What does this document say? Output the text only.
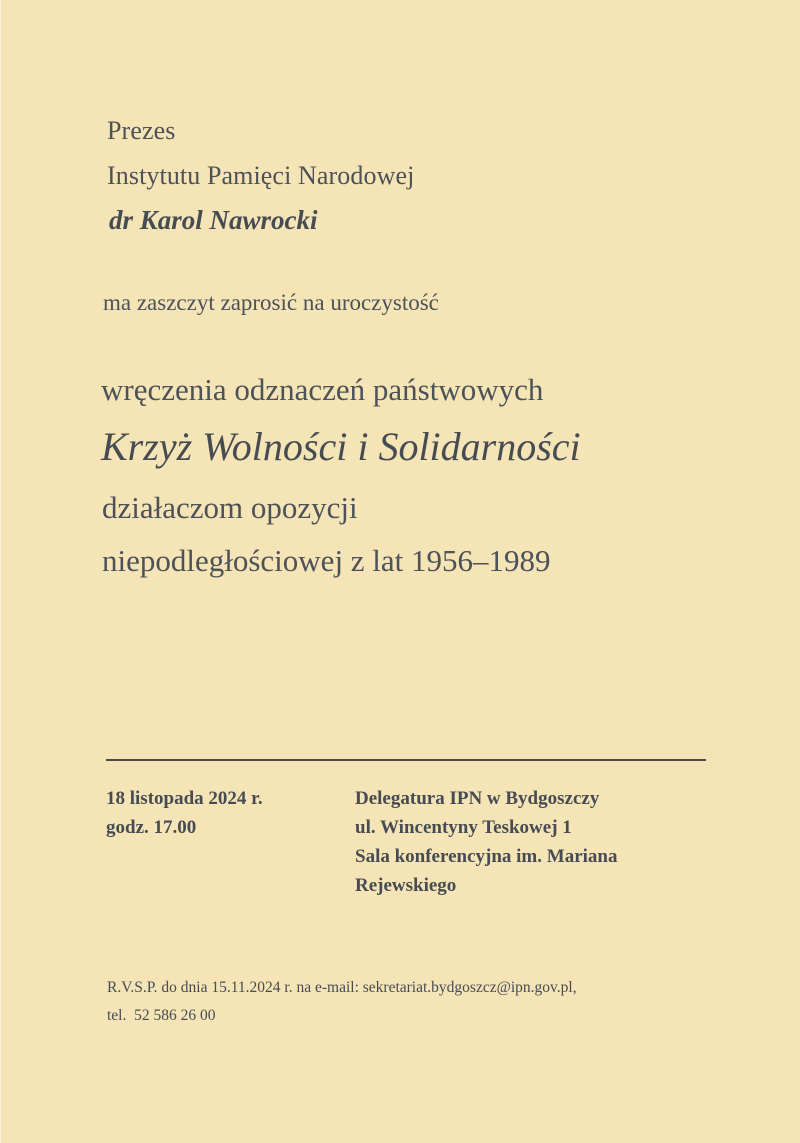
Prezes
Instytutu Pamięci Narodowej
dr Karol Nawrocki
ma zaszczyt zaprosić na uroczystość
wręczenia odznaczeń państwowych
Krzyż Wolności i Solidarności
działaczom opozycji
niepodległościowej z lat 1956–1989
18 listopada 2024 r.
godz. 17.00
Delegatura IPN w Bydgoszczy
ul. Wincentyny Teskowej 1
Sala konferencyjna im. Mariana
Rejewskiego
R.V.S.P. do dnia 15.11.2024 r. na e-mail: sekretariat.bydgoszcz@ipn.gov.pl,
tel.  52 586 26 00
